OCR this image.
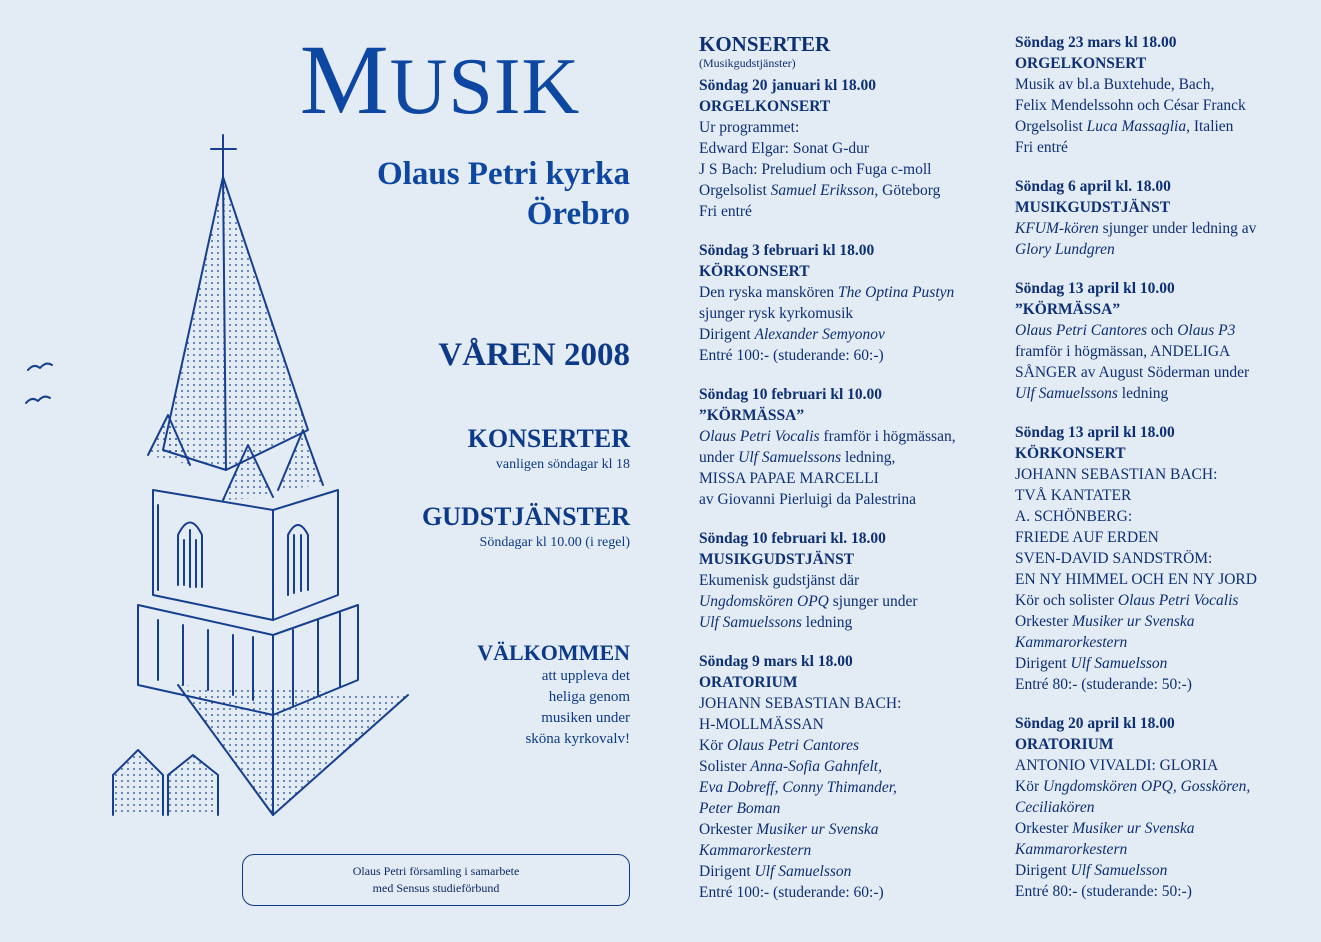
MUSIK
Olaus Petri kyrka
Örebro
VÅREN 2008
KONSERTER
vanligen söndagar kl 18
GUDSTJÄNSTER
Söndagar kl 10.00 (i regel)
VÄLKOMMEN
att uppleva det
heliga genom
musiken under
sköna kyrkovalv!
Olaus Petri församling i samarbete
med Sensus studieförbund
KONSERTER
(Musikgudstjänster)
Söndag 20 januari kl 18.00
ORGELKONSERT
Ur programmet:
Edward Elgar: Sonat G-dur
J S Bach: Preludium och Fuga c-moll
Orgelsolist Samuel Eriksson, Göteborg
Fri entré
Söndag 3 februari kl 18.00
KÖRKONSERT
Den ryska manskören The Optina Pustyn
sjunger rysk kyrkomusik
Dirigent Alexander Semyonov
Entré 100:- (studerande: 60:-)
Söndag 10 februari kl 10.00
”KÖRMÄSSA”
Olaus Petri Vocalis framför i högmässan,
under Ulf Samuelssons ledning,
MISSA PAPAE MARCELLI
av Giovanni Pierluigi da Palestrina
Söndag 10 februari kl. 18.00
MUSIKGUDSTJÄNST
Ekumenisk gudstjänst där
Ungdomskören OPQ sjunger under
Ulf Samuelssons ledning
Söndag 9 mars kl 18.00
ORATORIUM
JOHANN SEBASTIAN BACH:
H-MOLLMÄSSAN
Kör Olaus Petri Cantores
Solister Anna-Sofia Gahnfelt,
Eva Dobreff, Conny Thimander,
Peter Boman
Orkester Musiker ur Svenska
Kammarorkestern
Dirigent Ulf Samuelsson
Entré 100:- (studerande: 60:-)
Söndag 23 mars kl 18.00
ORGELKONSERT
Musik av bl.a Buxtehude, Bach,
Felix Mendelssohn och César Franck
Orgelsolist Luca Massaglia, Italien
Fri entré
Söndag 6 april kl. 18.00
MUSIKGUDSTJÄNST
KFUM-kören sjunger under ledning av
Glory Lundgren
Söndag 13 april kl 10.00
”KÖRMÄSSA”
Olaus Petri Cantores och Olaus P3
framför i högmässan, ANDELIGA
SÅNGER av August Söderman under
Ulf Samuelssons ledning
Söndag 13 april kl 18.00
KÖRKONSERT
JOHANN SEBASTIAN BACH:
TVÅ KANTATER
A. SCHÖNBERG:
FRIEDE AUF ERDEN
SVEN-DAVID SANDSTRÖM:
EN NY HIMMEL OCH EN NY JORD
Kör och solister Olaus Petri Vocalis
Orkester Musiker ur Svenska
Kammarorkestern
Dirigent Ulf Samuelsson
Entré 80:- (studerande: 50:-)
Söndag 20 april kl 18.00
ORATORIUM
ANTONIO VIVALDI: GLORIA
Kör Ungdomskören OPQ, Gosskören,
Ceciliakören
Orkester Musiker ur Svenska
Kammarorkestern
Dirigent Ulf Samuelsson
Entré 80:- (studerande: 50:-)
